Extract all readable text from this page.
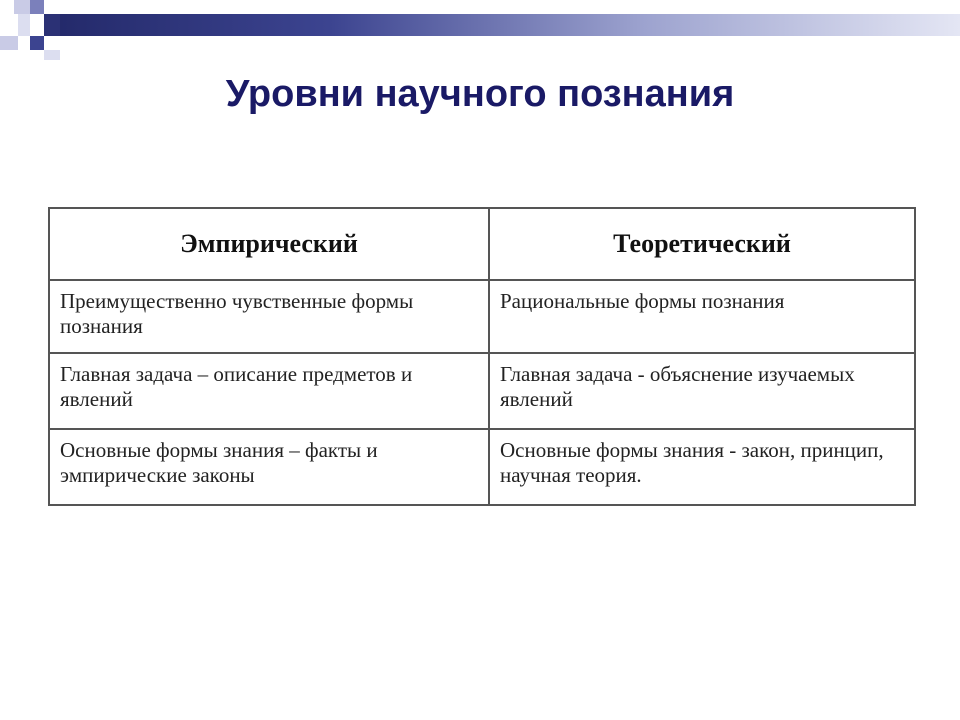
Уровни научного познания
Эмпирический	Теоретический
Преимущественно чувственные формы познания	Рациональные формы познания
Главная задача – описание предметов и явлений	Главная задача - объяснение изучаемых явлений
Основные формы знания – факты и эмпирические законы	Основные формы знания - закон, принцип, научная теория.
